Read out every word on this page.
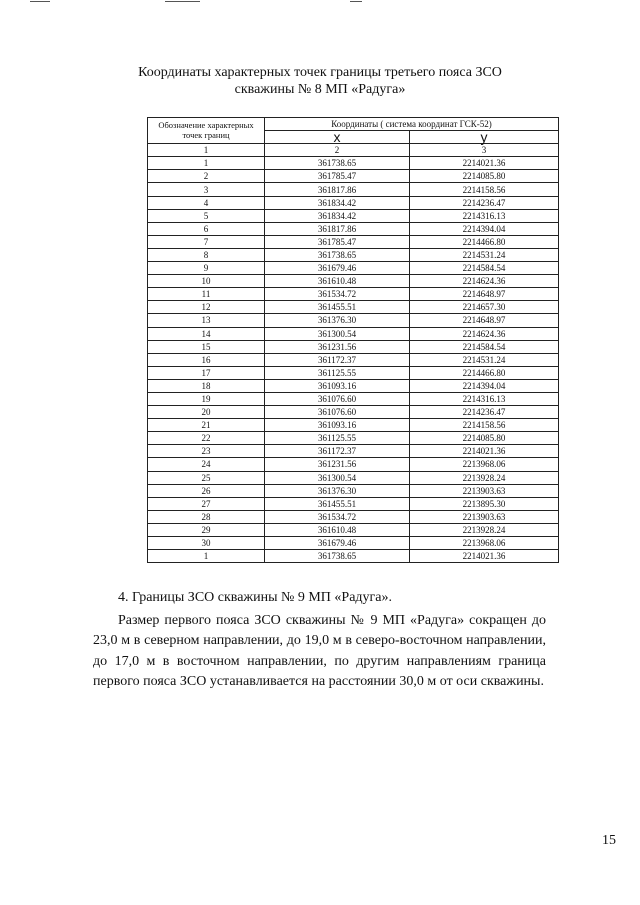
Координаты характерных точек границы третьего пояса ЗСО
скважины № 8 МП «Радуга»
Обозначение характерных точек границ	Координаты ( система координат ГСК-52)	
	х	у
1	2	3
1	361738.65	2214021.36
2	361785.47	2214085.80
3	361817.86	2214158.56
4	361834.42	2214236.47
5	361834.42	2214316.13
6	361817.86	2214394.04
7	361785.47	2214466.80
8	361738.65	2214531.24
9	361679.46	2214584.54
10	361610.48	2214624.36
11	361534.72	2214648.97
12	361455.51	2214657.30
13	361376.30	2214648.97
14	361300.54	2214624.36
15	361231.56	2214584.54
16	361172.37	2214531.24
17	361125.55	2214466.80
18	361093.16	2214394.04
19	361076.60	2214316.13
20	361076.60	2214236.47
21	361093.16	2214158.56
22	361125.55	2214085.80
23	361172.37	2214021.36
24	361231.56	2213968.06
25	361300.54	2213928.24
26	361376.30	2213903.63
27	361455.51	2213895.30
28	361534.72	2213903.63
29	361610.48	2213928.24
30	361679.46	2213968.06
1	361738.65	2214021.36
4. Границы ЗСО скважины № 9 МП «Радуга».
Размер первого пояса ЗСО скважины № 9 МП «Радуга» сокращен до 23,0 м в северном направлении, до 19,0 м в северо-восточном направлении, до 17,0 м в восточном направлении, по другим направлениям граница первого пояса ЗСО устанавливается на расстоянии 30,0 м от оси скважины.
15
